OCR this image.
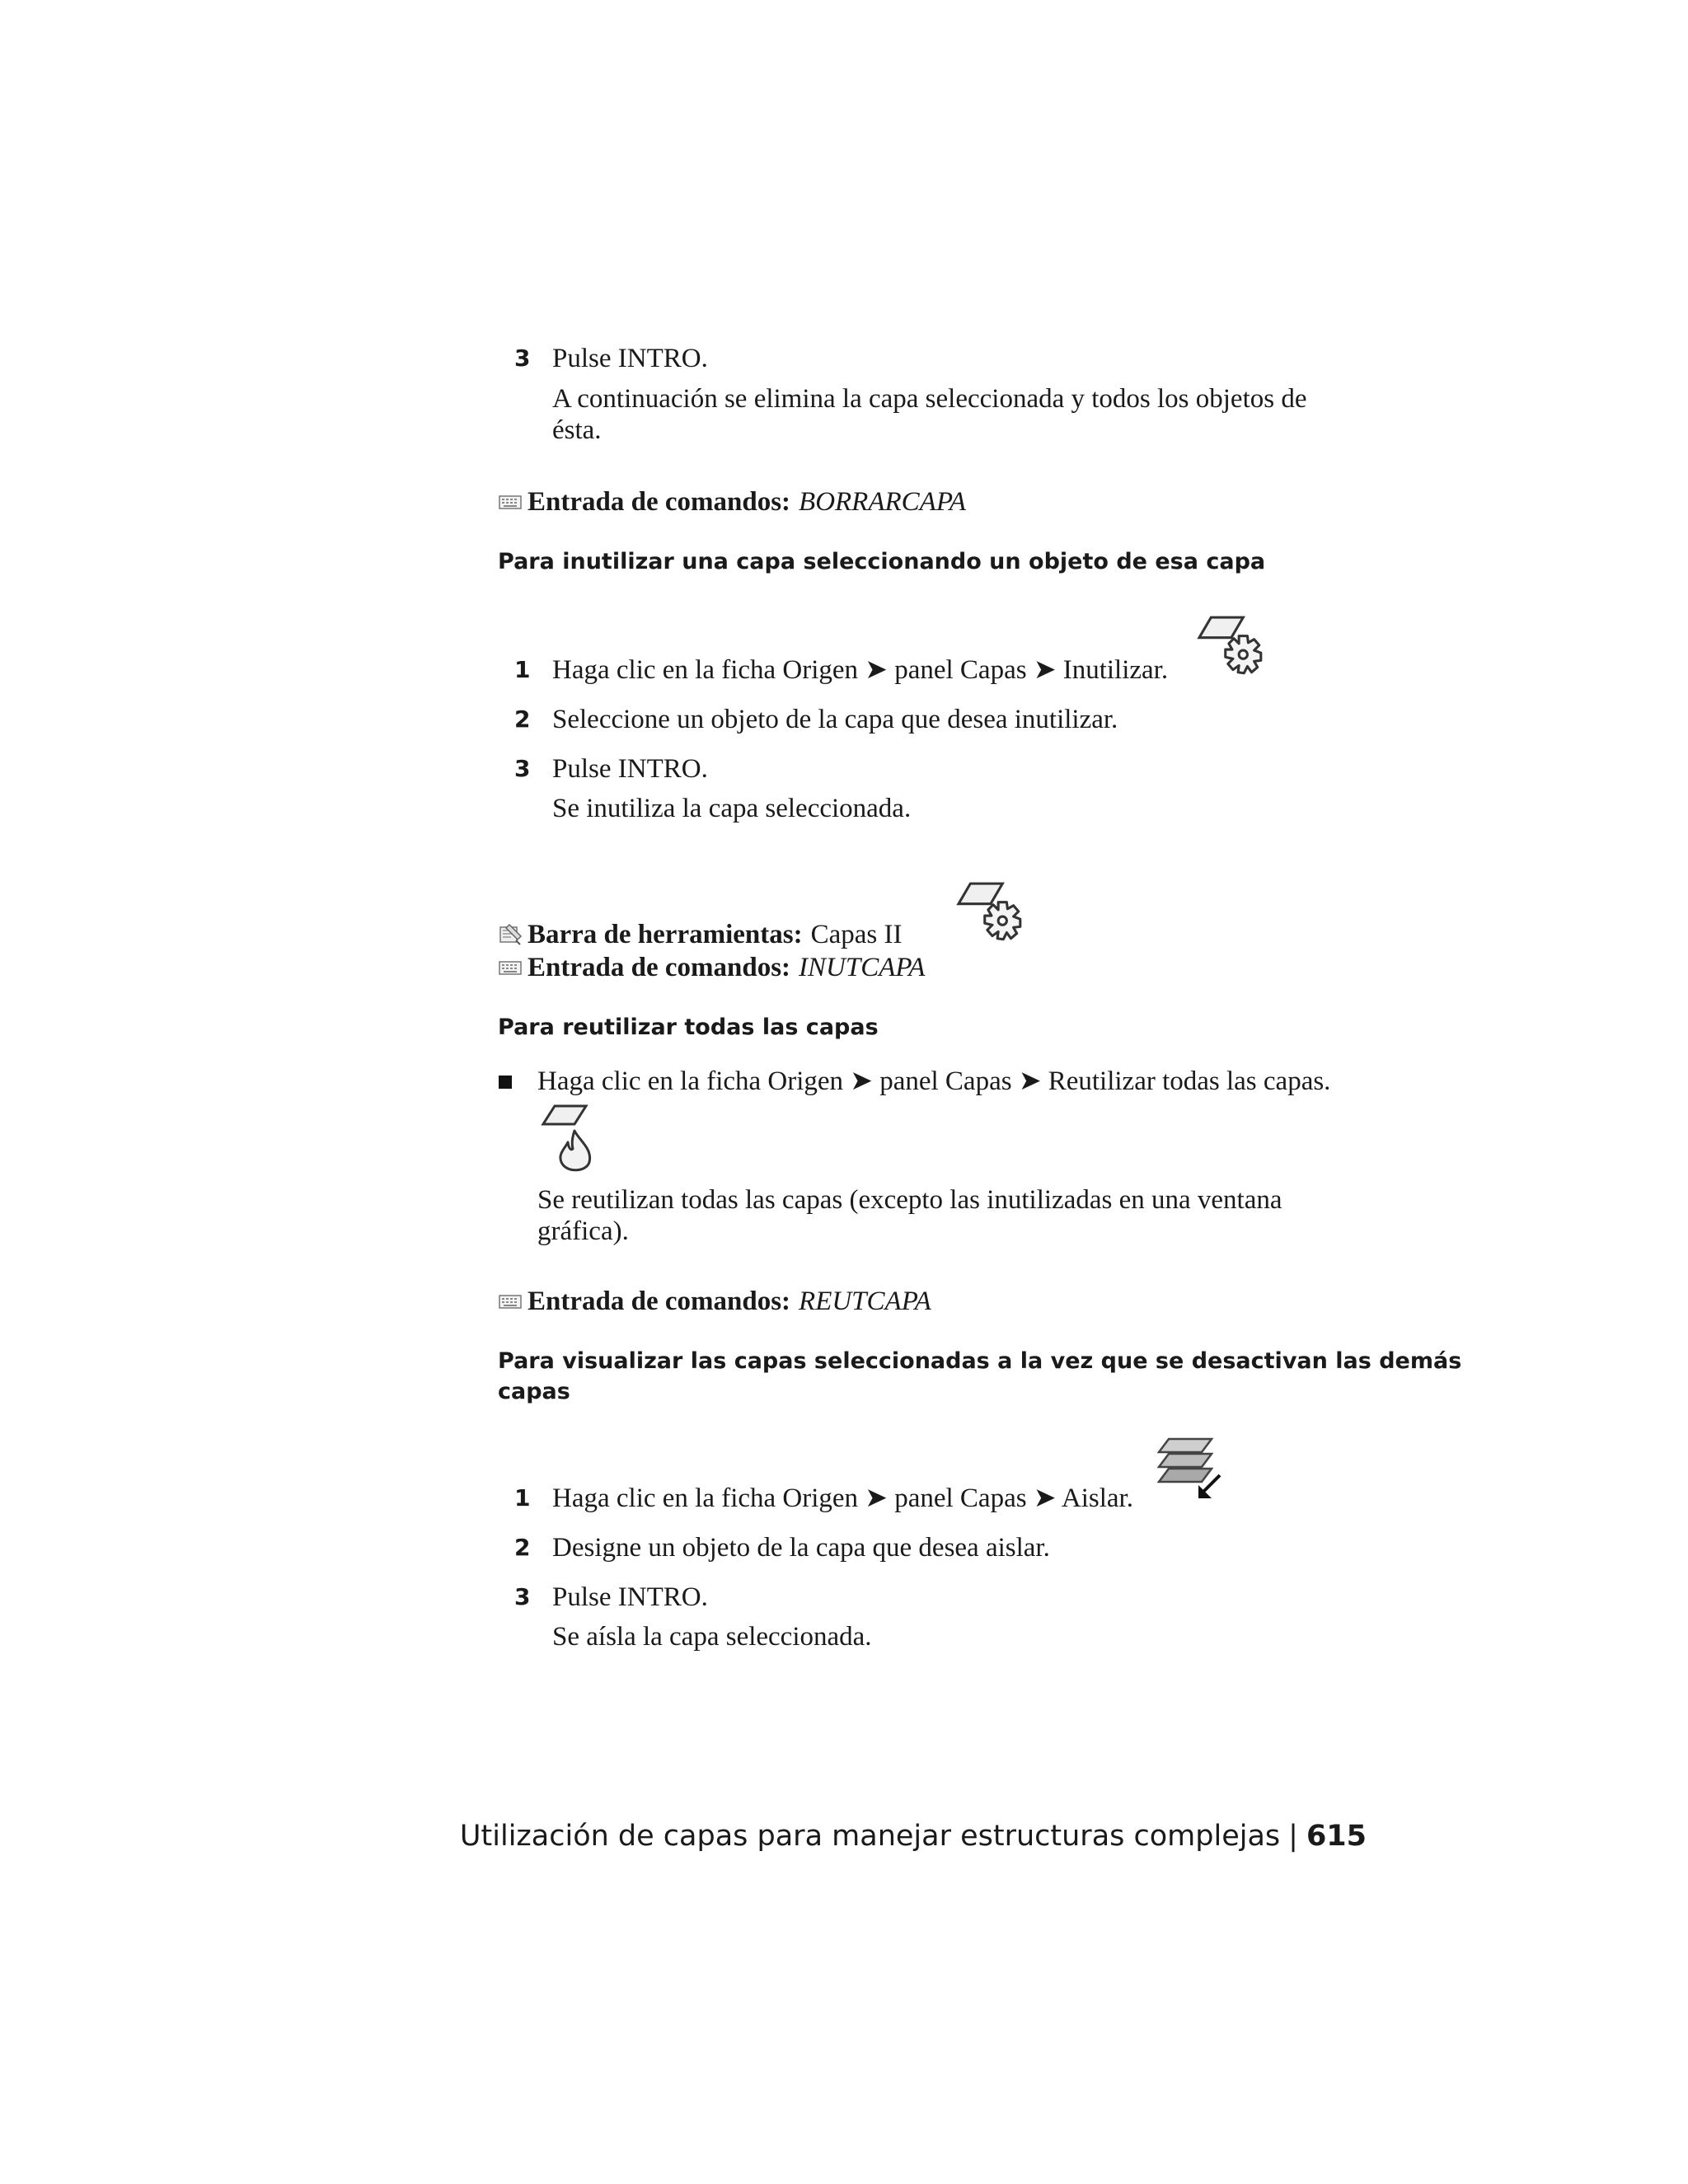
3 Pulse INTRO.
A continuación se elimina la capa seleccionada y todos los objetos de
ésta.
Entrada de comandos: BORRARCAPA
Para inutilizar una capa seleccionando un objeto de esa capa
1 Haga clic en la ficha Origen ➤ panel Capas ➤ Inutilizar.
2 Seleccione un objeto de la capa que desea inutilizar.
3 Pulse INTRO.
Se inutiliza la capa seleccionada.
Barra de herramientas: Capas II
Entrada de comandos: INUTCAPA
Para reutilizar todas las capas
Haga clic en la ficha Origen ➤ panel Capas ➤ Reutilizar todas las capas.
Se reutilizan todas las capas (excepto las inutilizadas en una ventana
gráfica).
Entrada de comandos: REUTCAPA
Para visualizar las capas seleccionadas a la vez que se desactivan las demás
capas
1 Haga clic en la ficha Origen ➤ panel Capas ➤ Aislar.
2 Designe un objeto de la capa que desea aislar.
3 Pulse INTRO.
Se aísla la capa seleccionada.
Utilización de capas para manejar estructuras complejas | 615
